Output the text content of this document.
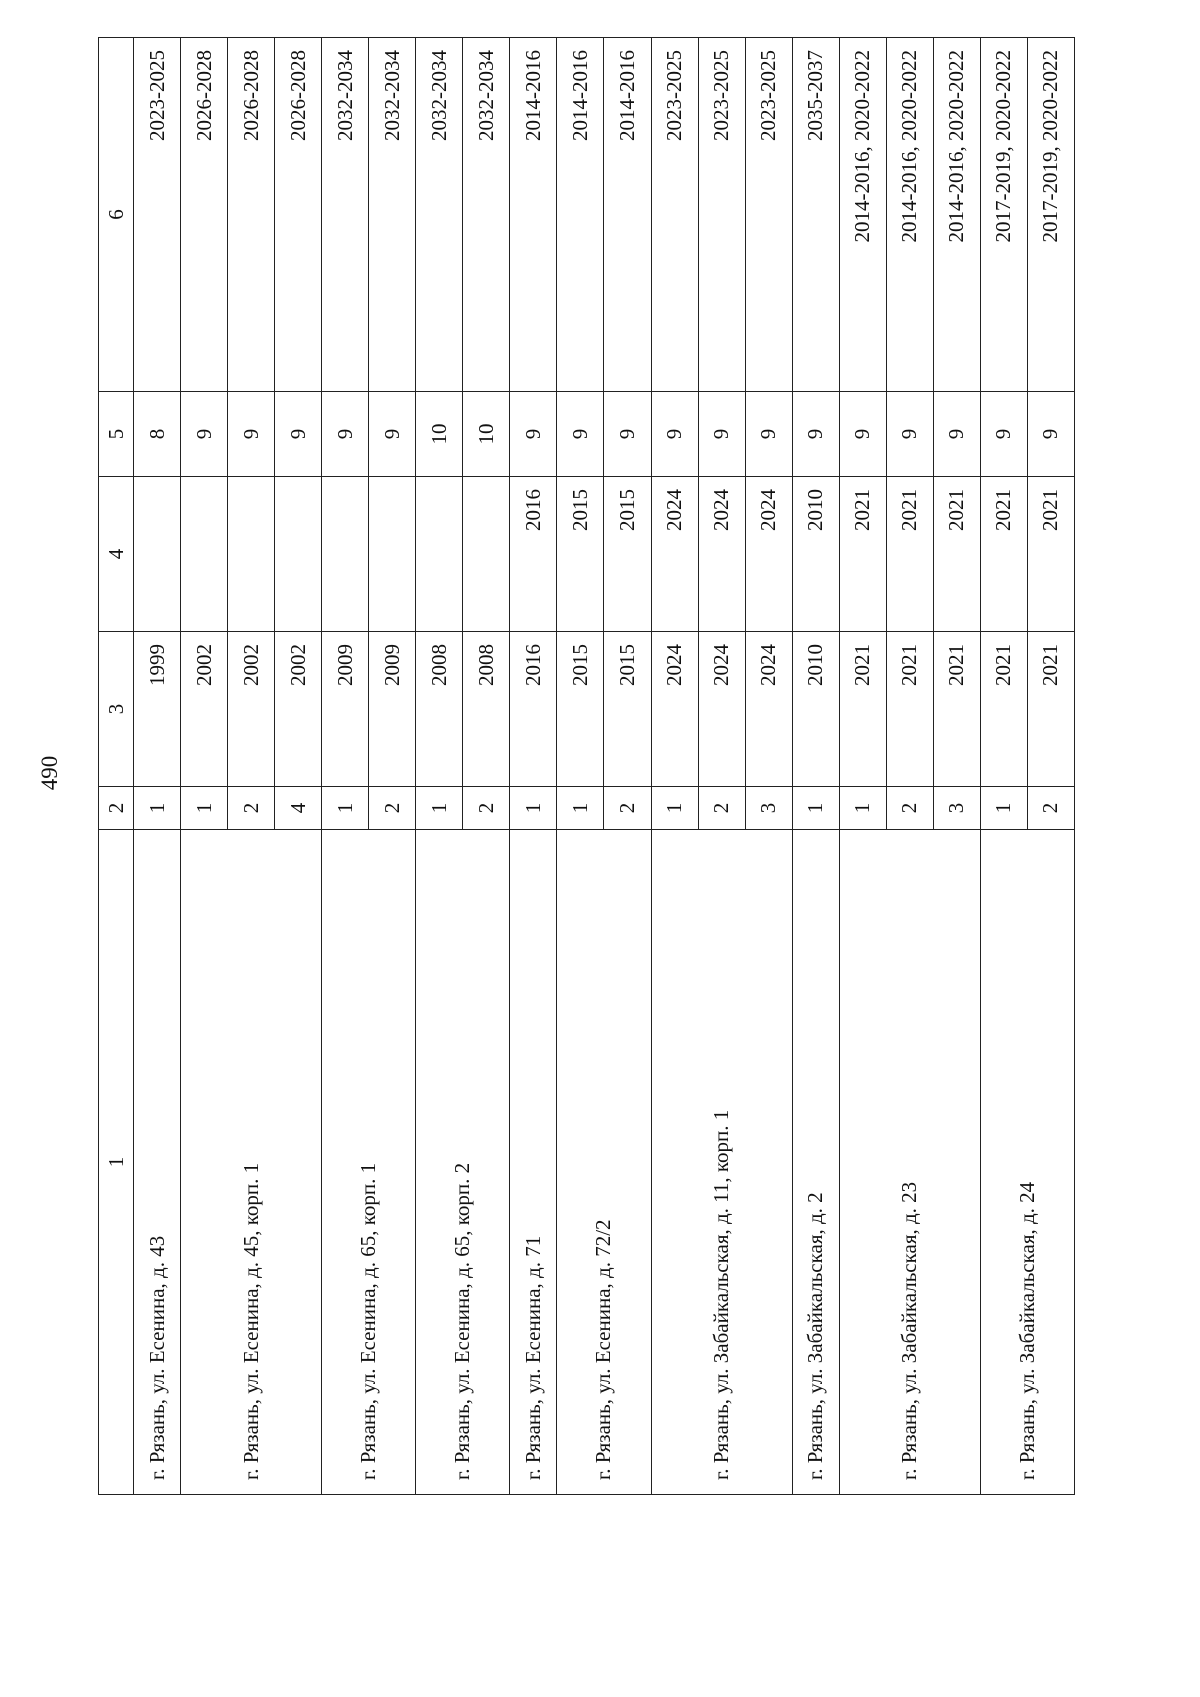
490
1	2	3	4	5	6
г. Рязань, ул. Есенина, д. 43	1	1999		8	2023-2025
г. Рязань, ул. Есенина, д. 45, корп. 1	1	2002		9	2026-2028
	2	2002		9	2026-2028
	4	2002		9	2026-2028
г. Рязань, ул. Есенина, д. 65, корп. 1	1	2009		9	2032-2034
	2	2009		9	2032-2034
г. Рязань, ул. Есенина, д. 65, корп. 2	1	2008		10	2032-2034
	2	2008		10	2032-2034
г. Рязань, ул. Есенина, д. 71	1	2016	2016	9	2014-2016
г. Рязань, ул. Есенина, д. 72/2	1	2015	2015	9	2014-2016
	2	2015	2015	9	2014-2016
г. Рязань, ул. Забайкальская, д. 11, корп. 1	1	2024	2024	9	2023-2025
	2	2024	2024	9	2023-2025
	3	2024	2024	9	2023-2025
г. Рязань, ул. Забайкальская, д. 2	1	2010	2010	9	2035-2037
г. Рязань, ул. Забайкальская, д. 23	1	2021	2021	9	2014-2016, 2020-2022
	2	2021	2021	9	2014-2016, 2020-2022
	3	2021	2021	9	2014-2016, 2020-2022
г. Рязань, ул. Забайкальская, д. 24	1	2021	2021	9	2017-2019, 2020-2022
	2	2021	2021	9	2017-2019, 2020-2022
